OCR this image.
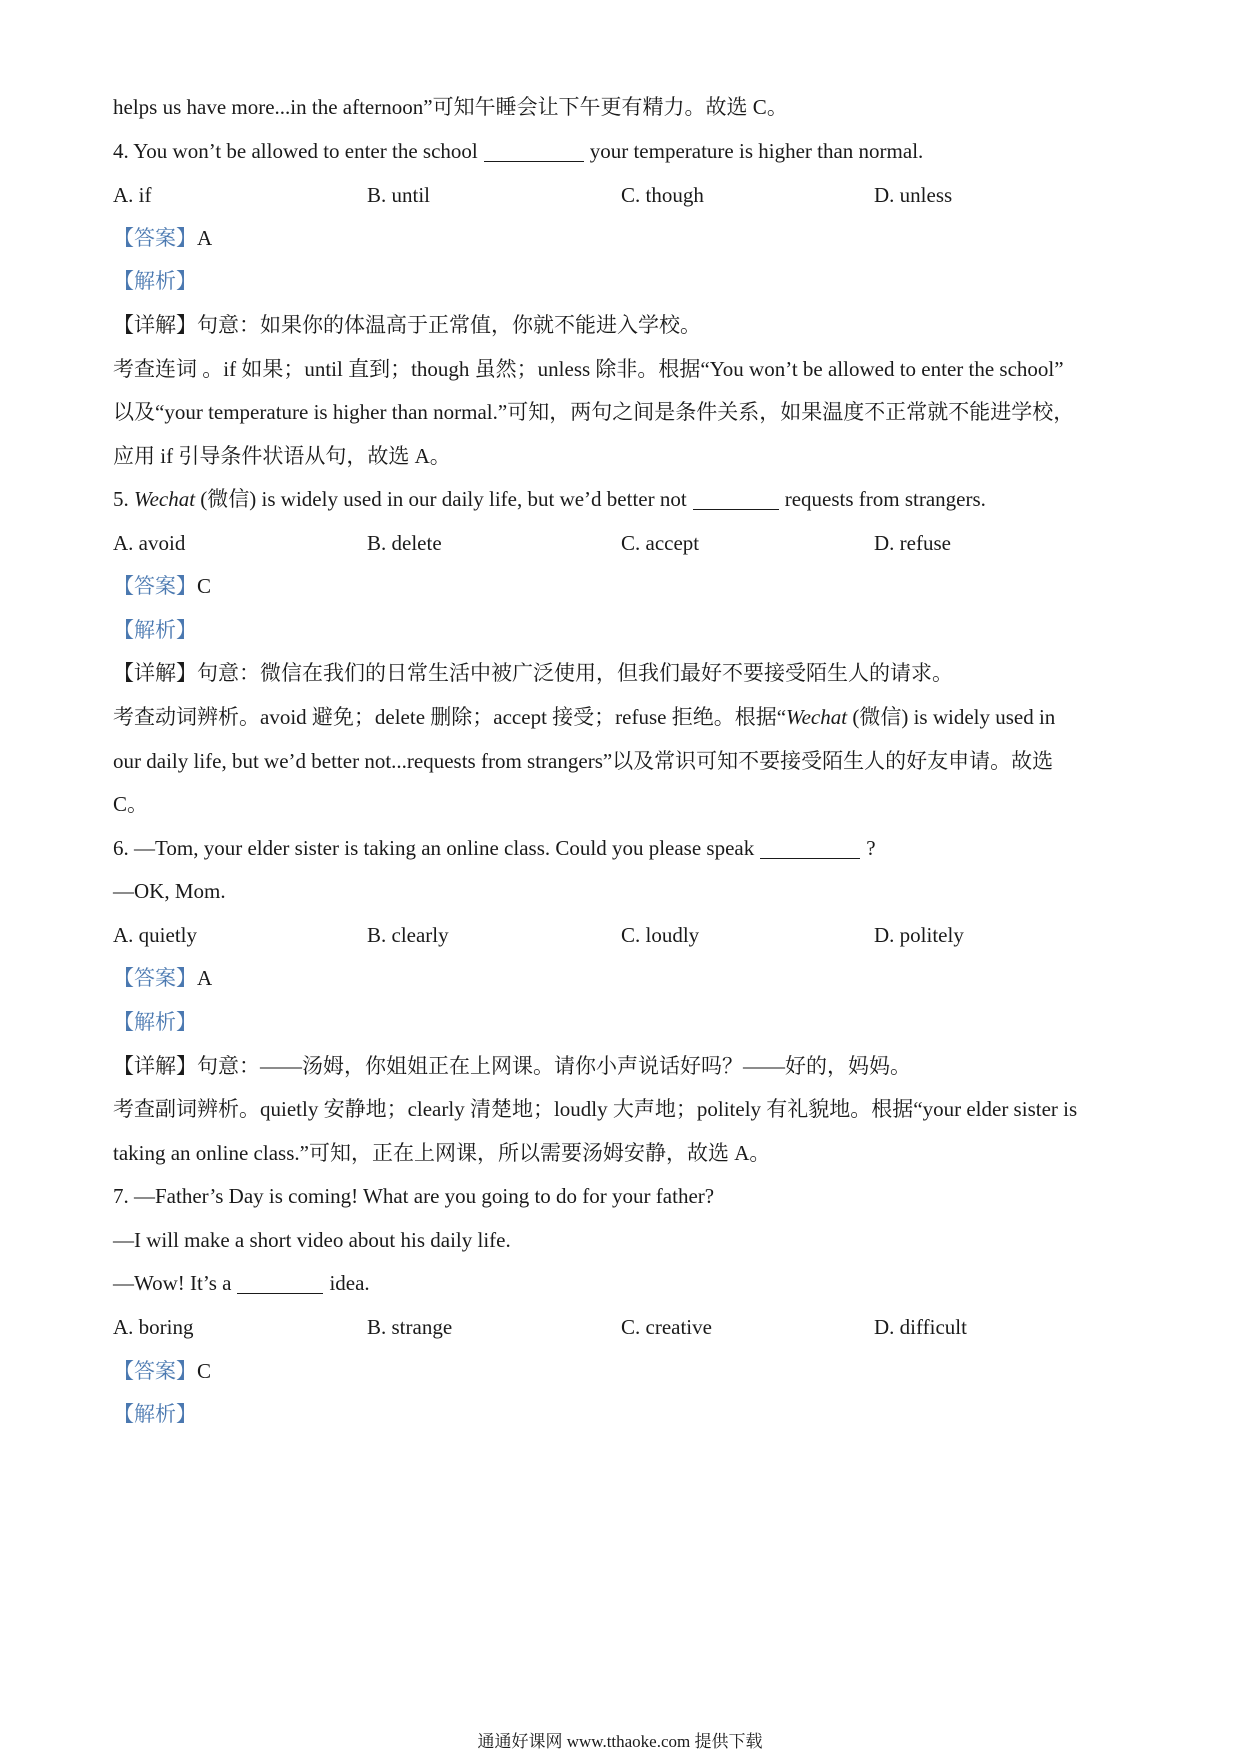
helps us have more...in the afternoon”可知午睡会让下午更有精力。故选 C。
4. You won’t be allowed to enter the school	your temperature is higher than normal.
A. if	B. until	C. though	D. unless
【答案】A
【解析】
【详解】句意：如果你的体温高于正常值，你就不能进入学校。
考查连词 。if 如果；until 直到；though 虽然；unless 除非。根据“You won’t be allowed to enter the school”
以及“your temperature is higher than normal.”可知，两句之间是条件关系，如果温度不正常就不能进学校，
应用 if 引导条件状语从句，故选 A。
5. Wechat (微信) is widely used in our daily life, but we’d better not	requests from strangers.
A. avoid	B. delete	C. accept	D. refuse
【答案】C
【解析】
【详解】句意：微信在我们的日常生活中被广泛使用，但我们最好不要接受陌生人的请求。
考查动词辨析。avoid 避免；delete 删除；accept 接受；refuse 拒绝。根据“Wechat (微信) is widely used in
our daily life, but we’d better not...requests from strangers”以及常识可知不要接受陌生人的好友申请。故选
C。
6. —Tom, your elder sister is taking an online class. Could you please speak	?
—OK, Mom.
A. quietly	B. clearly	C. loudly	D. politely
【答案】A
【解析】
【详解】句意：——汤姆，你姐姐正在上网课。请你小声说话好吗？——好的，妈妈。
考查副词辨析。quietly 安静地；clearly 清楚地；loudly 大声地；politely 有礼貌地。根据“your elder sister is
taking an online class.”可知，正在上网课，所以需要汤姆安静，故选 A。
7. —Father’s Day is coming! What are you going to do for your father?
—I will make a short video about his daily life.
—Wow! It’s a	idea.
A. boring	B. strange	C. creative	D. difficult
【答案】C
【解析】
通通好课网 www.tthaoke.com 提供下载
